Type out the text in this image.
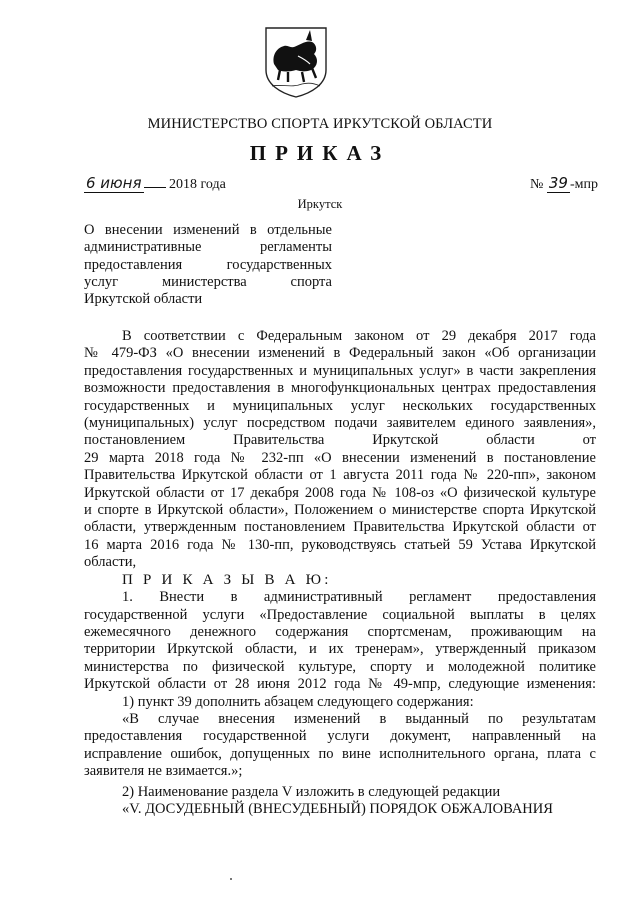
МИНИСТЕРСТВО СПОРТА ИРКУТСКОЙ ОБЛАСТИ
ПРИКАЗ
6 июня 2018 года	№ 39 -мпр
Иркутск
О внесении изменений в отдельные
административные регламенты
предоставления государственных
услуг министерства спорта
Иркутской области
В соответствии с Федеральным законом от 29 декабря 2017 года
№ 479-ФЗ «О внесении изменений в Федеральный закон «Об организации
предоставления государственных и муниципальных услуг» в части закрепления
возможности предоставления в многофункциональных центрах предоставления
государственных и муниципальных услуг нескольких государственных
(муниципальных) услуг посредством подачи заявителем единого заявления»,
постановлением Правительства Иркутской области от
29 марта 2018 года № 232-пп «О внесении изменений в постановление
Правительства Иркутской области от 1 августа 2011 года № 220-пп», законом
Иркутской области от 17 декабря 2008 года № 108-оз «О физической культуре
и спорте в Иркутской области», Положением о министерстве спорта Иркутской
области, утвержденным постановлением Правительства Иркутской области от
16 марта 2016 года № 130-пп, руководствуясь статьей 59 Устава Иркутской
области,
П Р И К А З Ы В А Ю:
1. Внести в административный регламент предоставления
государственной услуги «Предоставление социальной выплаты в целях
ежемесячного денежного содержания спортсменам, проживающим на
территории Иркутской области, и их тренерам», утвержденный приказом
министерства по физической культуре, спорту и молодежной политике
Иркутской области от 28 июня 2012 года № 49-мпр, следующие изменения:
1) пункт 39 дополнить абзацем следующего содержания:
«В случае внесения изменений в выданный по результатам
предоставления государственной услуги документ, направленный на
исправление ошибок, допущенных по вине исполнительного органа, плата с
заявителя не взимается.»;
2) Наименование раздела V изложить в следующей редакции
«V. ДОСУДЕБНЫЙ (ВНЕСУДЕБНЫЙ) ПОРЯДОК ОБЖАЛОВАНИЯ
